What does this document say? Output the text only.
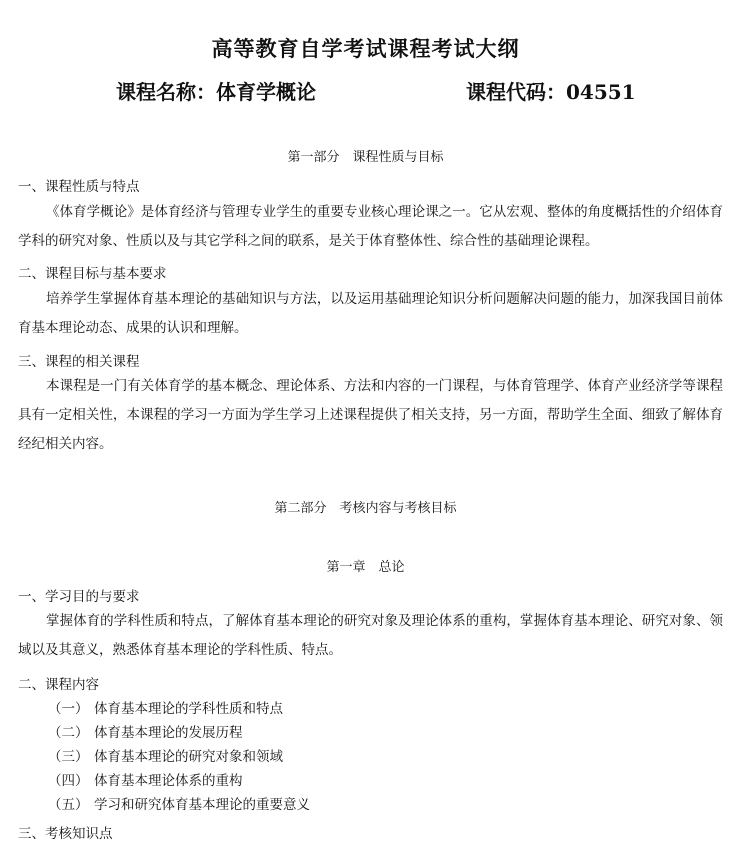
高等教育自学考试课程考试大纲
课程名称：体育学概论	课程代码：04551
第一部分　课程性质与目标
一、课程性质与特点
《体育学概论》是体育经济与管理专业学生的重要专业核心理论课之一。它从宏观、整体的角度概括性的介绍体育学科的研究对象、性质以及与其它学科之间的联系，是关于体育整体性、综合性的基础理论课程。
二、课程目标与基本要求
培养学生掌握体育基本理论的基础知识与方法，以及运用基础理论知识分析问题解决问题的能力，加深我国目前体育基本理论动态、成果的认识和理解。
三、课程的相关课程
本课程是一门有关体育学的基本概念、理论体系、方法和内容的一门课程，与体育管理学、体育产业经济学等课程具有一定相关性，本课程的学习一方面为学生学习上述课程提供了相关支持，另一方面，帮助学生全面、细致了解体育经纪相关内容。
第二部分　考核内容与考核目标
第一章　总论
一、学习目的与要求
掌握体育的学科性质和特点，了解体育基本理论的研究对象及理论体系的重构，掌握体育基本理论、研究对象、领域以及其意义，熟悉体育基本理论的学科性质、特点。
二、课程内容
（一） 体育基本理论的学科性质和特点
（二） 体育基本理论的发展历程
（三） 体育基本理论的研究对象和领域
（四） 体育基本理论体系的重构
（五） 学习和研究体育基本理论的重要意义
三、考核知识点
